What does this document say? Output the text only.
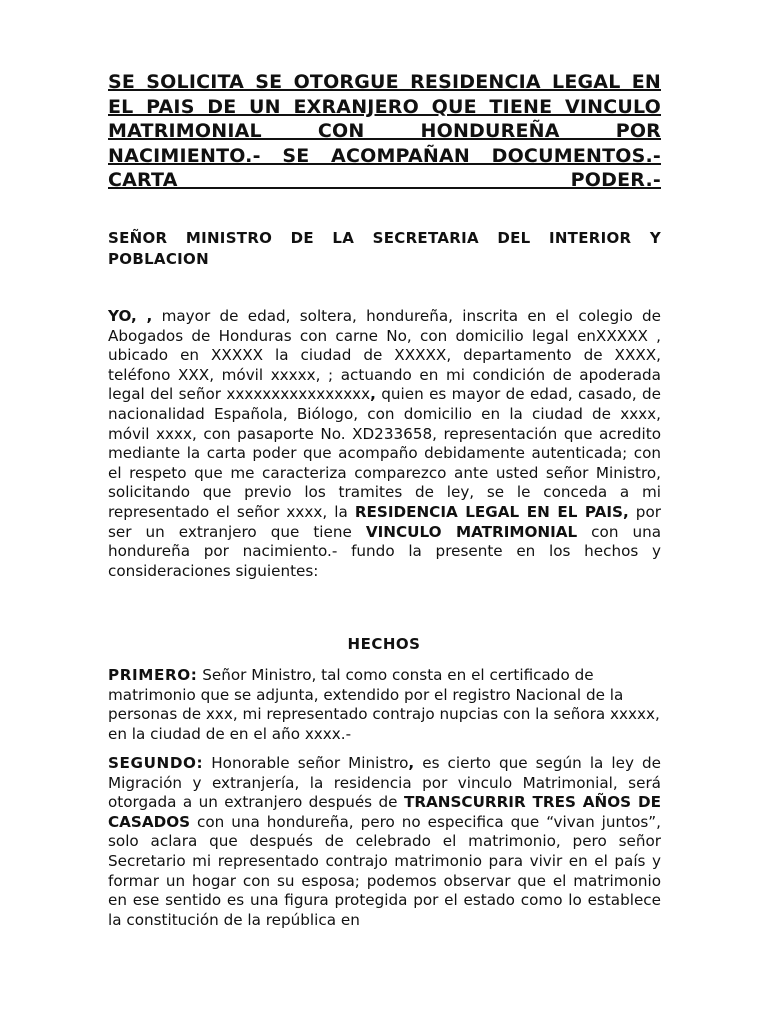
SE SOLICITA SE OTORGUE RESIDENCIA LEGAL EN EL PAIS DE UN EXRANJERO QUE TIENE VINCULO MATRIMONIAL CON HONDUREÑA POR NACIMIENTO.- SE ACOMPAÑAN DOCUMENTOS.- CARTA PODER.-
SEÑOR MINISTRO DE LA SECRETARIA DEL INTERIOR Y POBLACION
YO, , mayor de edad, soltera, hondureña, inscrita en el colegio de Abogados de Honduras con carne No, con domicilio legal enXXXXX , ubicado en XXXXX la ciudad de XXXXX, departamento de XXXX, teléfono XXX, móvil xxxxx, ; actuando en mi condición de apoderada legal del señor xxxxxxxxxxxxxxxx, quien es mayor de edad, casado, de nacionalidad Española, Biólogo, con domicilio en la ciudad de xxxx, móvil xxxx, con pasaporte No. XD233658, representación que acredito mediante la carta poder que acompaño debidamente autenticada; con el respeto que me caracteriza comparezco ante usted señor Ministro, solicitando que previo los tramites de ley, se le conceda a mi representado el señor xxxx, la RESIDENCIA LEGAL EN EL PAIS, por ser un extranjero que tiene VINCULO MATRIMONIAL con una hondureña por nacimiento.- fundo la presente en los hechos y consideraciones siguientes:
HECHOS
PRIMERO: Señor Ministro, tal como consta en el certificado de matrimonio que se adjunta, extendido por el registro Nacional de la personas de xxx, mi representado contrajo nupcias con la señora xxxxx, en la ciudad de en el año xxxx.-
SEGUNDO: Honorable señor Ministro, es cierto que según la ley de Migración y extranjería, la residencia por vinculo Matrimonial, será otorgada a un extranjero después de TRANSCURRIR TRES AÑOS DE CASADOS con una hondureña, pero no especifica que “vivan juntos”, solo aclara que después de celebrado el matrimonio, pero señor Secretario mi representado contrajo matrimonio para vivir en el país y formar un hogar con su esposa; podemos observar que el matrimonio en ese sentido es una figura protegida por el estado como lo establece la constitución de la república en
